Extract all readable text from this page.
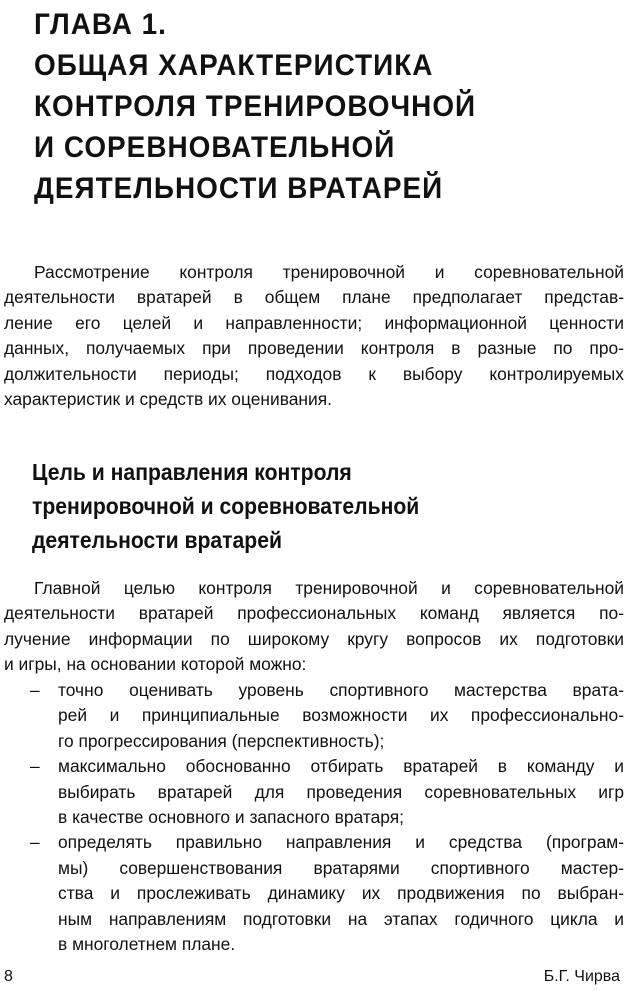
ГЛАВА 1.
ОБЩАЯ ХАРАКТЕРИСТИКА
КОНТРОЛЯ ТРЕНИРОВОЧНОЙ
И СОРЕВНОВАТЕЛЬНОЙ
ДЕЯТЕЛЬНОСТИ ВРАТАРЕЙ

Рассмотрение контроля тренировочной и соревновательной
деятельности вратарей в общем плане предполагает представ-
ление его целей и направленности; информационной ценности
данных, получаемых при проведении контроля в разные по про-
должительности периоды; подходов к выбору контролируемых
характеристик и средств их оценивания.

Цель и направления контроля
тренировочной и соревновательной
деятельности вратарей

Главной целью контроля тренировочной и соревновательной
деятельности вратарей профессиональных команд является по-
лучение информации по широкому кругу вопросов их подготовки
и игры, на основании которой можно:

– точно оценивать уровень спортивного мастерства врата-
рей и принципиальные возможности их профессионально-
го прогрессирования (перспективность);
– максимально обоснованно отбирать вратарей в команду и
выбирать вратарей для проведения соревновательных игр
в качестве основного и запасного вратаря;
– определять правильно направления и средства (програм-
мы) совершенствования вратарями спортивного мастер-
ства и прослеживать динамику их продвижения по выбран-
ным направлениям подготовки на этапах годичного цикла и
в многолетнем плане.
8	Б.Г. Чирва
